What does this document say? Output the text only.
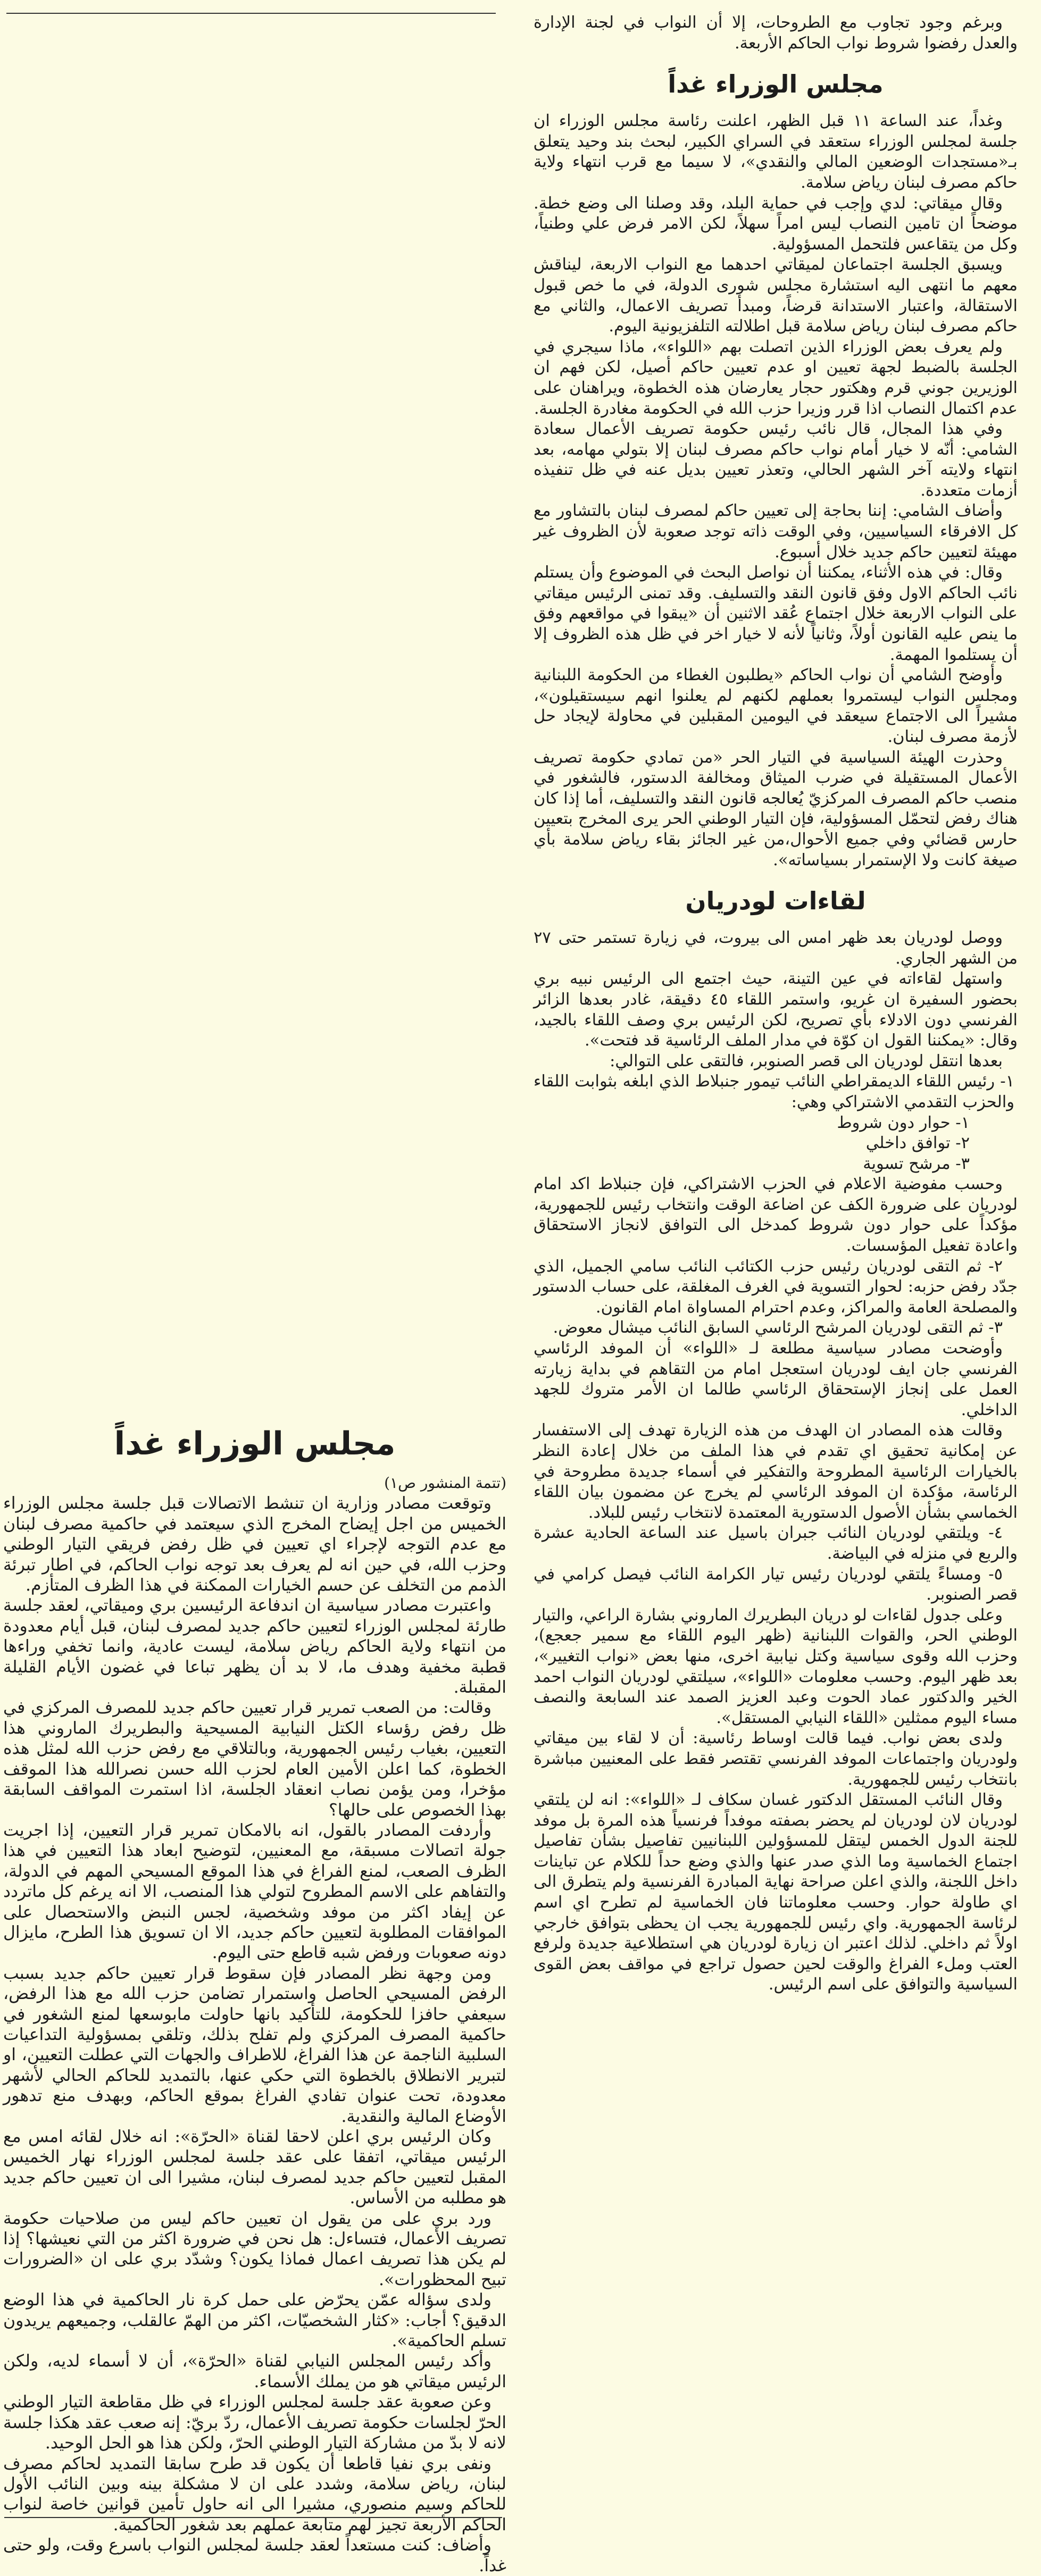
وبرغم وجود تجاوب مع الطروحات، إلا أن النواب في لجنة الإدارة والعدل رفضوا شروط نواب الحاكم الأربعة.

مجلس الوزراء غداً

وغداً، عند الساعة ١١ قبل الظهر، اعلنت رئاسة مجلس الوزراء ان جلسة لمجلس الوزراء ستعقد في السراي الكبير، لبحث بند وحيد يتعلق بـ«مستجدات الوضعين المالي والنقدي»، لا سيما مع قرب انتهاء ولاية حاكم مصرف لبنان رياض سلامة.

وقال ميقاتي: لدي وإجب في حماية البلد، وقد وصلنا الى وضع خطة. موضحاً ان تامين النصاب ليس امراً سهلاً، لكن الامر فرض علي وطنياً، وكل من يتقاعس فلتحمل المسؤولية.

ويسبق الجلسة اجتماعان لميقاتي احدهما مع النواب الاربعة، ليناقش معهم ما انتهى اليه استشارة مجلس شورى الدولة، في ما خص قبول الاستقالة، واعتبار الاستدانة قرضاً، ومبدأ تصريف الاعمال، والثاني مع حاكم مصرف لبنان رياض سلامة قبل اطلالته التلفزيونية اليوم.

ولم يعرف بعض الوزراء الذين اتصلت بهم «اللواء»، ماذا سيجري في الجلسة بالضبط لجهة تعيين او عدم تعيين حاكم أصيل، لكن فهم ان الوزيرين جوني قرم وهكتور حجار يعارضان هذه الخطوة، ويراهنان على عدم اكتمال النصاب اذا قرر وزيرا حزب الله في الحكومة مغادرة الجلسة.

وفي هذا المجال، قال نائب رئيس حكومة تصريف الأعمال سعادة الشامي: أنّه لا خيار أمام نواب حاكم مصرف لبنان إلا بتولي مهامه، بعد انتهاء ولايته آخر الشهر الحالي، وتعذر تعيين بديل عنه في ظل تنفيذه أزمات متعددة.

وأضاف الشامي: إننا بحاجة إلى تعيين حاكم لمصرف لبنان بالتشاور مع كل الافرقاء السياسيين، وفي الوقت ذاته توجد صعوبة لأن الظروف غير مهيئة لتعيين حاكم جديد خلال أسبوع.

وقال: في هذه الأثناء، يمكننا أن نواصل البحث في الموضوع وأن يستلم نائب الحاكم الاول وفق قانون النقد والتسليف. وقد تمنى الرئيس ميقاتي على النواب الاربعة خلال اجتماع عُقد الاثنين أن «يبقوا في مواقعهم وفق ما ينص عليه القانون أولاً، وثانياً لأنه لا خيار اخر في ظل هذه الظروف إلا أن يستلموا المهمة.

وأوضح الشامي أن نواب الحاكم «يطلبون الغطاء من الحكومة اللبنانية ومجلس النواب ليستمروا بعملهم لكنهم لم يعلنوا انهم سيستقيلون»، مشيراً الى الاجتماع سيعقد في اليومين المقبلين في محاولة لإيجاد حل لأزمة مصرف لبنان.

وحذرت الهيئة السياسية في التيار الحر «من تمادي حكومة تصريف الأعمال المستقيلة في ضرب الميثاق ومخالفة الدستور، فالشغور في منصب حاكم المصرف المركزيّ يُعالجه قانون النقد والتسليف، أما إذا كان هناك رفض لتحمّل المسؤولية، فإن التيار الوطني الحر يرى المخرج بتعيين حارس قضائي وفي جميع الأحوال،من غير الجائز بقاء رياض سلامة بأي صيغة كانت ولا الإستمرار بسياساته».

لقاءات لودريان

ووصل لودريان بعد ظهر امس الى بيروت، في زيارة تستمر حتى ٢٧ من الشهر الجاري.

واستهل لقاءاته في عين التينة، حيث اجتمع الى الرئيس نبيه بري بحضور السفيرة ان غريو، واستمر اللقاء ٤٥ دقيقة، غادر بعدها الزائر الفرنسي دون الادلاء بأي تصريح، لكن الرئيس بري وصف اللقاء بالجيد، وقال: «يمكننا القول ان كوّة في مدار الملف الرئاسية قد فتحت».

بعدها انتقل لودريان الى قصر الصنوبر، فالتقى على التوالي:

١- رئيس اللقاء الديمقراطي النائب تيمور جنبلاط الذي ابلغه بثوابت اللقاء والحزب التقدمي الاشتراكي وهي:

١- حوار دون شروط

٢- توافق داخلي

٣- مرشح تسوية

وحسب مفوضية الاعلام في الحزب الاشتراكي، فإن جنبلاط اكد امام لودريان على ضرورة الكف عن اضاعة الوقت وانتخاب رئيس للجمهورية، مؤكداً على حوار دون شروط كمدخل الى التوافق لانجاز الاستحقاق واعادة تفعيل المؤسسات.

٢- ثم التقى لودريان رئيس حزب الكتائب النائب سامي الجميل، الذي جدّد رفض حزبه: لحوار التسوية في الغرف المغلقة، على حساب الدستور والمصلحة العامة والمراكز، وعدم احترام المساواة امام القانون.

٣- ثم التقى لودريان المرشح الرئاسي السابق النائب ميشال معوض.

وأوضحت مصادر سياسية مطلعة لـ «اللواء» أن الموفد الرئاسي الفرنسي جان ايف لودريان استعجل امام من التقاهم في بداية زيارته العمل على إنجاز الإستحقاق الرئاسي طالما ان الأمر متروك للجهد الداخلي.

وقالت هذه المصادر ان الهدف من هذه الزيارة تهدف إلى الاستفسار عن إمكانية تحقيق اي تقدم في هذا الملف من خلال إعادة النظر بالخيارات الرئاسية المطروحة والتفكير في أسماء جديدة مطروحة في الرئاسة، مؤكدة ان الموفد الرئاسي لم يخرج عن مضمون بيان اللقاء الخماسي بشأن الأصول الدستورية المعتمدة لانتخاب رئيس للبلاد.

٤- ويلتقي لودريان النائب جبران باسيل عند الساعة الحادية عشرة والربع في منزله في البياضة.

٥- ومساءً يلتقي لودريان رئيس تيار الكرامة النائب فيصل كرامي في قصر الصنوبر.

وعلى جدول لقاءات لو دريان البطريرك الماروني بشارة الراعي، والتيار الوطني الحر، والقوات اللبنانية (ظهر اليوم اللقاء مع سمير جعجع)، وحزب الله وقوى سياسية وكتل نيابية اخرى، منها بعض «نواب التغيير»، بعد ظهر اليوم. وحسب معلومات «اللواء»، سيلتقي لودريان النواب احمد الخير والدكتور عماد الحوت وعبد العزيز الصمد عند السابعة والنصف مساء اليوم ممثلين «اللقاء النيابي المستقل».

ولدى بعض نواب. فيما قالت اوساط رئاسية: أن لا لقاء بين ميقاتي ولودريان واجتماعات الموفد الفرنسي تقتصر فقط على المعنيين مباشرة بانتخاب رئيس للجمهورية.

وقال النائب المستقل الدكتور غسان سكاف لـ «اللواء»: انه لن يلتقي لودريان لان لودريان لم يحضر بصفته موفداً فرنسياً هذه المرة بل موفد للجنة الدول الخمس ليتقل للمسؤولين اللبنانيين تفاصيل بشأن تفاصيل اجتماع الخماسية وما الذي صدر عنها والذي وضع حداً للكلام عن تباينات داخل اللجنة، والذي اعلن صراحة نهاية المبادرة الفرنسية ولم يتطرق الى اي طاولة حوار. وحسب معلوماتنا فان الخماسية لم تطرح اي اسم لرئاسة الجمهورية. واي رئيس للجمهورية يجب ان يحظى بتوافق خارجي اولاً ثم داخلي. لذلك اعتبر ان زيارة لودريان هي استطلاعية جديدة ولرفع العتب وملء الفراغ والوقت لحين حصول تراجع في مواقف بعض القوى السياسية والتوافق على اسم الرئيس.

مجلس الوزراء غداً

(تتمة المنشور ص١)

وتوقعت مصادر وزارية ان تنشط الاتصالات قبل جلسة مجلس الوزراء الخميس من اجل إيضاح المخرج الذي سيعتمد في حاكمية مصرف لبنان مع عدم التوجه لإجراء اي تعيين في ظل رفض فريقي التيار الوطني وحزب الله، في حين انه لم يعرف بعد توجه نواب الحاكم، في اطار تبرئة الذمم من التخلف عن حسم الخيارات الممكنة في هذا الظرف المتأزم.

واعتبرت مصادر سياسية ان اندفاعة الرئيسين بري وميقاتي، لعقد جلسة طارئة لمجلس الوزراء لتعيين حاكم جديد لمصرف لبنان، قبل أيام معدودة من انتهاء ولاية الحاكم رياض سلامة، ليست عادية، وانما تخفي وراءها قطبة مخفية وهدف ما، لا بد أن يظهر تباعا في غضون الأيام القليلة المقبلة.

وقالت: من الصعب تمرير قرار تعيين حاكم جديد للمصرف المركزي في ظل رفض رؤساء الكتل النيابية المسيحية والبطريرك الماروني هذا التعيين، بغياب رئيس الجمهورية، وبالتلاقي مع رفض حزب الله لمثل هذه الخطوة، كما اعلن الأمين العام لحزب الله حسن نصرالله هذا الموقف مؤخرا، ومن يؤمن نصاب انعقاد الجلسة، اذا استمرت المواقف السابقة بهذا الخصوص على حالها؟

وأردفت المصادر بالقول، انه بالامكان تمرير قرار التعيين، إذا اجريت جولة اتصالات مسبقة، مع المعنيين، لتوضيح ابعاد هذا التعيين في هذا الظرف الصعب، لمنع الفراغ في هذا الموقع المسيحي المهم في الدولة، والتفاهم على الاسم المطروح لتولي هذا المنصب، الا انه يرغم كل ماتردد عن إيفاد اكثر من موفد وشخصية، لجس النبض والاستحصال على الموافقات المطلوبة لتعيين حاكم جديد، الا ان تسويق هذا الطرح، مايزال دونه صعوبات ورفض شبه قاطع حتى اليوم.

ومن وجهة نظر المصادر فإن سقوط قرار تعيين حاكم جديد بسبب الرفض المسيحي الحاصل واستمرار تضامن حزب الله مع هذا الرفض، سيعفي حافزا للحكومة، للتأكيد بانها حاولت مابوسعها لمنع الشغور في حاكمية المصرف المركزي ولم تفلح بذلك، وتلقي بمسؤولية التداعيات السلبية الناجمة عن هذا الفراغ، للاطراف والجهات التي عطلت التعيين، او لتبرير الانطلاق بالخطوة التي حكي عنها، بالتمديد للحاكم الحالي لأشهر معدودة، تحت عنوان تفادي الفراغ بموقع الحاكم، وبهدف منع تدهور الأوضاع المالية والنقدية.

وكان الرئيس بري اعلن لاحقا لقناة «الحرّة»: انه خلال لقائه امس مع الرئيس ميقاتي، اتفقا على عقد جلسة لمجلس الوزراء نهار الخميس المقبل لتعيين حاكم جديد لمصرف لبنان، مشيرا الى ان تعيين حاكم جديد هو مطلبه من الأساس.

ورد بري على من يقول ان تعيين حاكم ليس من صلاحيات حكومة تصريف الأعمال، فتساءل: هل نحن في ضرورة اكثر من التي نعيشها؟ إذا لم يكن هذا تصريف اعمال فماذا يكون؟ وشدّد بري على ان «الضرورات تبيح المحظورات».

ولدى سؤاله عمّن يحرّض على حمل كرة نار الحاكمية في هذا الوضع الدقيق؟ أجاب: «كثار الشخصيّات، اكثر من الهمّ عالقلب، وجميعهم يريدون تسلم الحاكمية».

وأكد رئيس المجلس النيابي لقناة «الحرّة»، أن لا أسماء لديه، ولكن الرئيس ميقاتي هو من يملك الأسماء.

وعن صعوبة عقد جلسة لمجلس الوزراء في ظل مقاطعة التيار الوطني الحرّ لجلسات حكومة تصريف الأعمال، ردّ بريّ: إنه صعب عقد هكذا جلسة لانه لا بدّ من مشاركة التيار الوطني الحرّ، ولكن هذا هو الحل الوحيد.

ونفى بري نفيا قاطعا أن يكون قد طرح سابقا التمديد لحاكم مصرف لبنان، رياض سلامة، وشدد على ان لا مشكلة بينه وبين النائب الأول للحاكم وسيم منصوري، مشيرا الى انه حاول تأمين قوانين خاصة لنواب الحاكم الأربعة تجيز لهم متابعة عملهم بعد شغور الحاكمية.

وأضاف: كنت مستعداً لعقد جلسة لمجلس النواب باسرع وقت، ولو حتى غداً.
